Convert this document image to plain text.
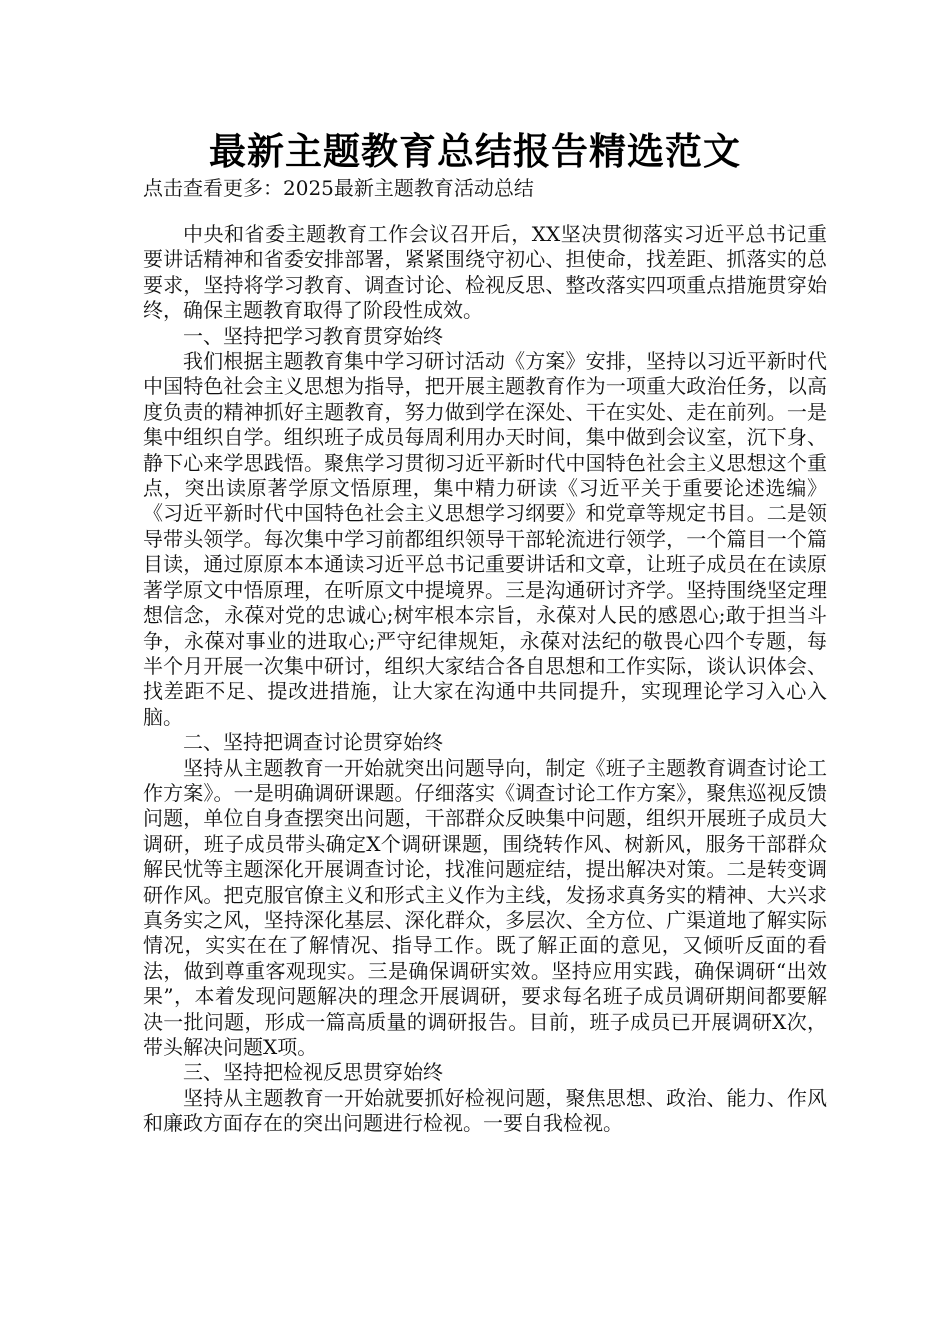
最新主题教育总结报告精选范文
点击查看更多：2025最新主题教育活动总结

中央和省委主题教育工作会议召开后，XX坚决贯彻落实习近平总书记重要讲话精神和省委安排部署，紧紧围绕守初心、担使命，找差距、抓落实的总要求，坚持将学习教育、调查讨论、检视反思、整改落实四项重点措施贯穿始终，确保主题教育取得了阶段性成效。

一、坚持把学习教育贯穿始终

我们根据主题教育集中学习研讨活动《方案》安排，坚持以习近平新时代中国特色社会主义思想为指导，把开展主题教育作为一项重大政治任务，以高度负责的精神抓好主题教育，努力做到学在深处、干在实处、走在前列。一是集中组织自学。组织班子成员每周利用办天时间，集中做到会议室，沉下身、静下心来学思践悟。聚焦学习贯彻习近平新时代中国特色社会主义思想这个重点，突出读原著学原文悟原理，集中精力研读《习近平关于重要论述选编》《习近平新时代中国特色社会主义思想学习纲要》和党章等规定书目。二是领导带头领学。每次集中学习前都组织领导干部轮流进行领学，一个篇目一个篇目读，通过原原本本通读习近平总书记重要讲话和文章，让班子成员在在读原著学原文中悟原理，在听原文中提境界。三是沟通研讨齐学。坚持围绕坚定理想信念，永葆对党的忠诚心;树牢根本宗旨，永葆对人民的感恩心;敢于担当斗争，永葆对事业的进取心;严守纪律规矩，永葆对法纪的敬畏心四个专题，每半个月开展一次集中研讨，组织大家结合各自思想和工作实际，谈认识体会、找差距不足、提改进措施，让大家在沟通中共同提升，实现理论学习入心入脑。

二、坚持把调查讨论贯穿始终

坚持从主题教育一开始就突出问题导向，制定《班子主题教育调查讨论工作方案》。一是明确调研课题。仔细落实《调查讨论工作方案》，聚焦巡视反馈问题，单位自身查摆突出问题，干部群众反映集中问题，组织开展班子成员大调研，班子成员带头确定X个调研课题，围绕转作风、树新风，服务干部群众解民忧等主题深化开展调查讨论，找准问题症结，提出解决对策。二是转变调研作风。把克服官僚主义和形式主义作为主线，发扬求真务实的精神、大兴求真务实之风，坚持深化基层、深化群众，多层次、全方位、广渠道地了解实际情况，实实在在了解情况、指导工作。既了解正面的意见，又倾听反面的看法，做到尊重客观现实。三是确保调研实效。坚持应用实践，确保调研“出效果”，本着发现问题解决的理念开展调研，要求每名班子成员调研期间都要解决一批问题，形成一篇高质量的调研报告。目前，班子成员已开展调研X次，带头解决问题X项。

三、坚持把检视反思贯穿始终

坚持从主题教育一开始就要抓好检视问题，聚焦思想、政治、能力、作风和廉政方面存在的突出问题进行检视。一要自我检视。
